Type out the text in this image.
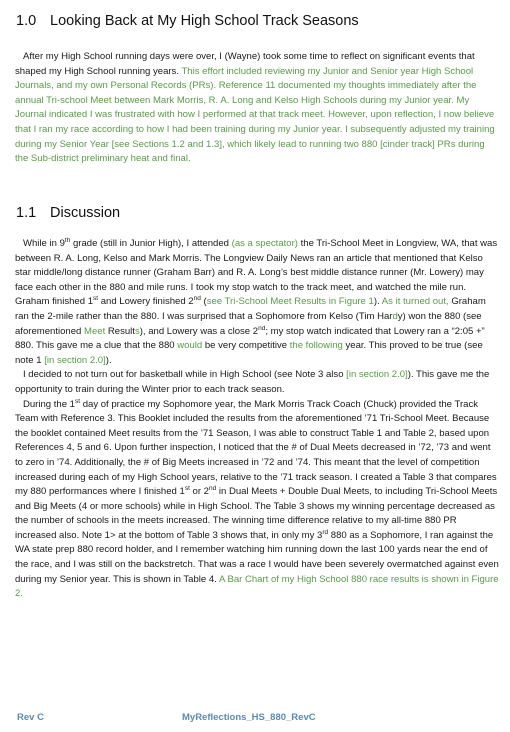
1.0 Looking Back at My High School Track Seasons

After my High School running days were over, I (Wayne) took some time to reflect on significant events that shaped my High School running years. This effort included reviewing my Junior and Senior year High School Journals, and my own Personal Records (PRs). Reference 11 documented my thoughts immediately after the annual Tri-school Meet between Mark Morris, R. A. Long and Kelso High Schools during my Junior year. My Journal indicated I was frustrated with how I performed at that track meet. However, upon reflection, I now believe that I ran my race according to how I had been training during my Junior year. I subsequently adjusted my training during my Senior Year [see Sections 1.2 and 1.3], which likely lead to running two 880 [cinder track] PRs during the Sub-district preliminary heat and final.

1.1 Discussion

While in 9th grade (still in Junior High), I attended (as a spectator) the Tri-School Meet in Longview, WA, that was between R. A. Long, Kelso and Mark Morris. The Longview Daily News ran an article that mentioned that Kelso star middle/long distance runner (Graham Barr) and R. A. Long’s best middle distance runner (Mr. Lowery) may face each other in the 880 and mile runs. I took my stop watch to the track meet, and watched the mile run. Graham finished 1st and Lowery finished 2nd (see Tri-School Meet Results in Figure 1). As it turned out, Graham ran the 2-mile rather than the 880. I was surprised that a Sophomore from Kelso (Tim Hardy) won the 880 (see aforementioned Meet Results), and Lowery was a close 2nd; my stop watch indicated that Lowery ran a “2:05 +” 880. This gave me a clue that the 880 would be very competitive the following year. This proved to be true (see note 1 [in section 2.0]).

I decided to not turn out for basketball while in High School (see Note 3 also [in section 2.0]). This gave me the opportunity to train during the Winter prior to each track season.

During the 1st day of practice my Sophomore year, the Mark Morris Track Coach (Chuck) provided the Track Team with Reference 3. This Booklet included the results from the aforementioned ’71 Tri-School Meet. Because the booklet contained Meet results from the ’71 Season, I was able to construct Table 1 and Table 2, based upon References 4, 5 and 6. Upon further inspection, I noticed that the # of Dual Meets decreased in ’72, ’73 and went to zero in ’74. Additionally, the # of Big Meets increased in ’72 and ’74. This meant that the level of competition increased during each of my High School years, relative to the ’71 track season. I created a Table 3 that compares my 880 performances where I finished 1st or 2nd in Dual Meets + Double Dual Meets, to including Tri-School Meets and Big Meets (4 or more schools) while in High School. The Table 3 shows my winning percentage decreased as the number of schools in the meets increased. The winning time difference relative to my all-time 880 PR increased also. Note 1> at the bottom of Table 3 shows that, in only my 3rd 880 as a Sophomore, I ran against the WA state prep 880 record holder, and I remember watching him running down the last 100 yards near the end of the race, and I was still on the backstretch. That was a race I would have been severely overmatched against even during my Senior year. This is shown in Table 4. A Bar Chart of my High School 880 race results is shown in Figure 2.

Rev C	MyReflections_HS_880_RevC
